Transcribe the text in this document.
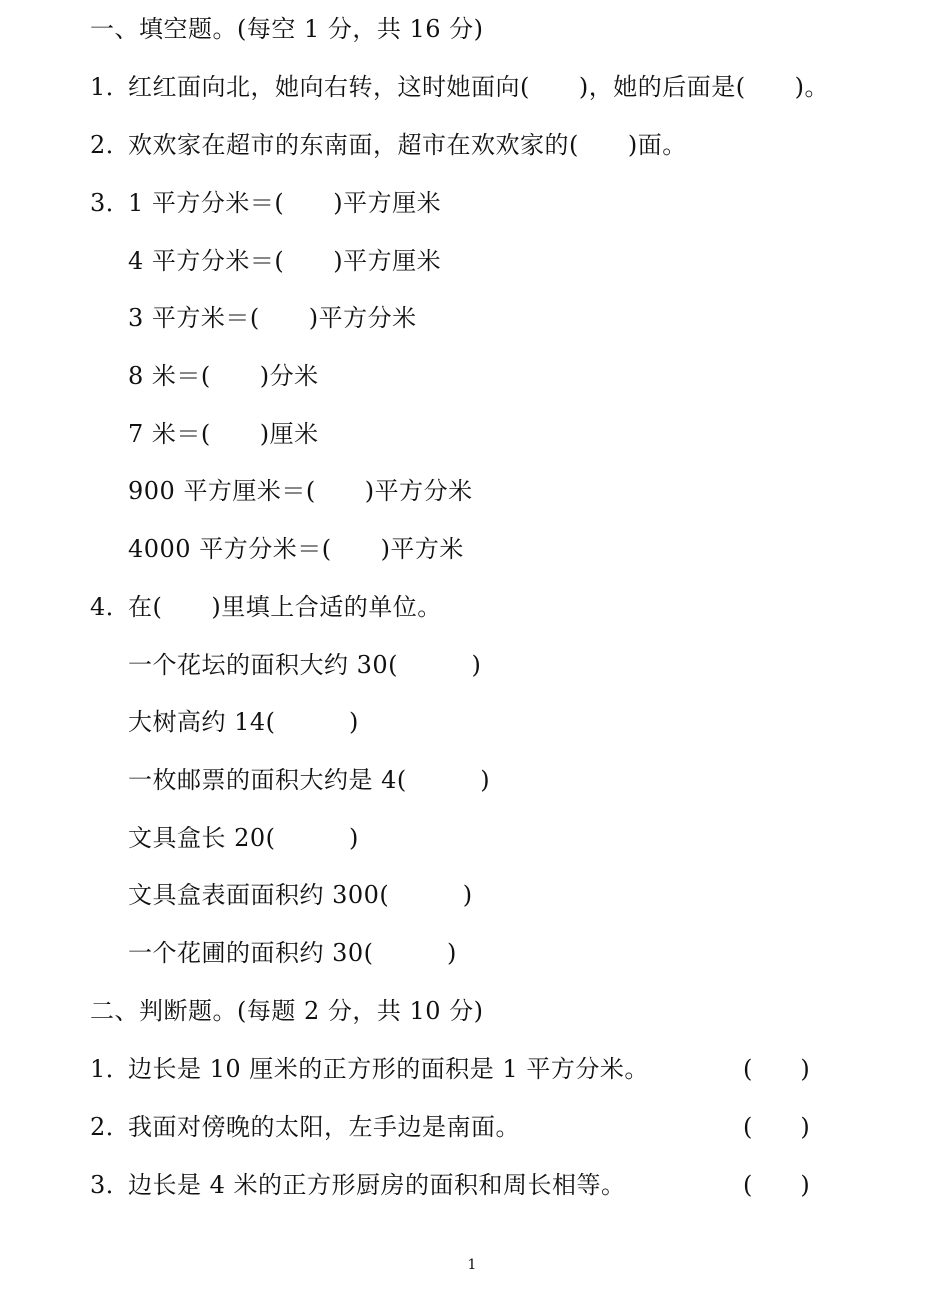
一、填空题。(每空 1 分，共 16 分)
1．红红面向北，她向右转，这时她面向(　　)，她的后面是(　　)。
2．欢欢家在超市的东南面，超市在欢欢家的(　　)面。
3．1 平方分米＝(　　)平方厘米
4 平方分米＝(　　)平方厘米
3 平方米＝(　　)平方分米
8 米＝(　　)分米
7 米＝(　　)厘米
900 平方厘米＝(　　)平方分米
4000 平方分米＝(　　)平方米
4．在(　　)里填上合适的单位。
一个花坛的面积大约 30(　　　)
大树高约 14(　　　)
一枚邮票的面积大约是 4(　　　)
文具盒长 20(　　　)
文具盒表面面积约 300(　　　)
一个花圃的面积约 30(　　　)
二、判断题。(每题 2 分，共 10 分)
1．边长是 10 厘米的正方形的面积是 1 平方分米。	(　　)
2．我面对傍晚的太阳，左手边是南面。	(　　)
3．边长是 4 米的正方形厨房的面积和周长相等。	(　　)
1
